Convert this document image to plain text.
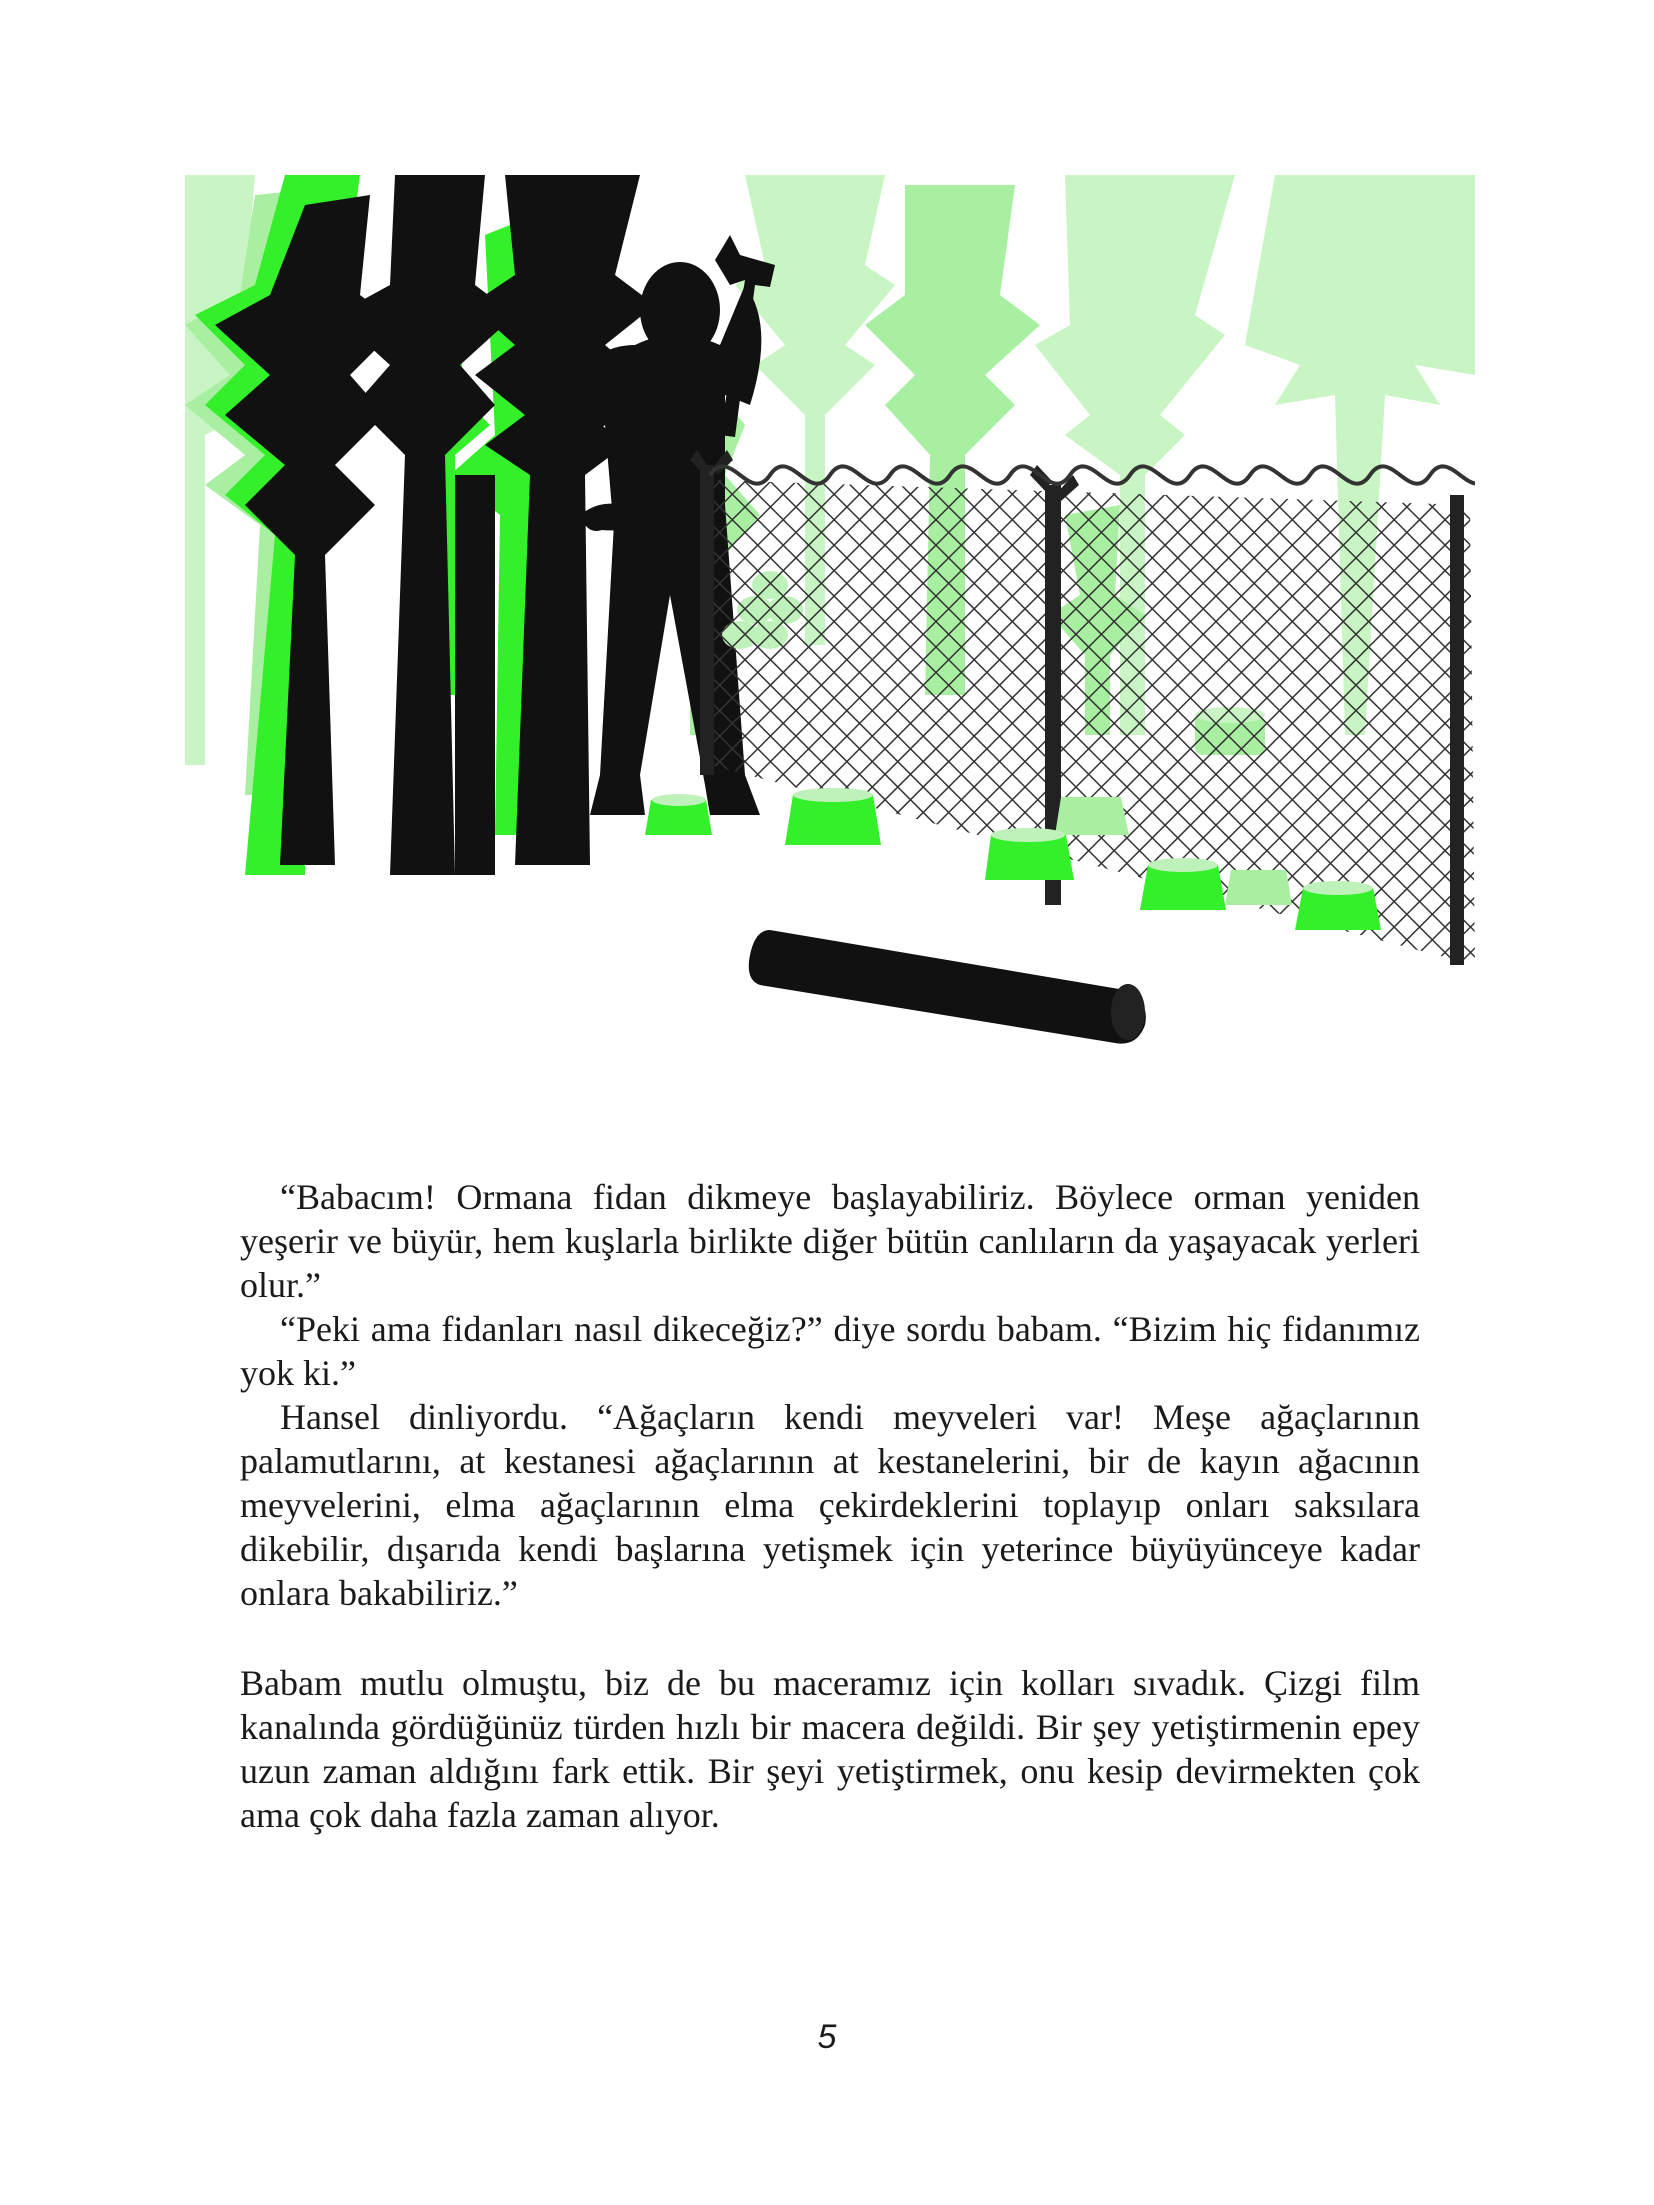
“Babacım! Ormana fidan dikmeye başlayabiliriz. Böylece orman yeniden yeşerir ve büyür, hem kuşlarla birlikte diğer bütün canlıların da yaşayacak yerleri olur.”

“Peki ama fidanları nasıl dikeceğiz?” diye sordu babam. “Bizim hiç fidanımız yok ki.”

Hansel dinliyordu. “Ağaçların kendi meyveleri var! Meşe ağaçlarının palamutlarını, at kestanesi ağaçlarının at kestanelerini, bir de kayın ağacının meyvelerini, elma ağaçlarının elma çekirdeklerini toplayıp onları saksılara dikebilir, dışarıda kendi başlarına yetişmek için yeterince büyüyünceye kadar onlara bakabiliriz.”

Babam mutlu olmuştu, biz de bu maceramız için kolları sıvadık. Çizgi film kanalında gördüğünüz türden hızlı bir macera değildi. Bir şey yetiştirmenin epey uzun zaman aldığını fark ettik. Bir şeyi yetiştirmek, onu kesip devirmekten çok ama çok daha fazla zaman alıyor.

5
